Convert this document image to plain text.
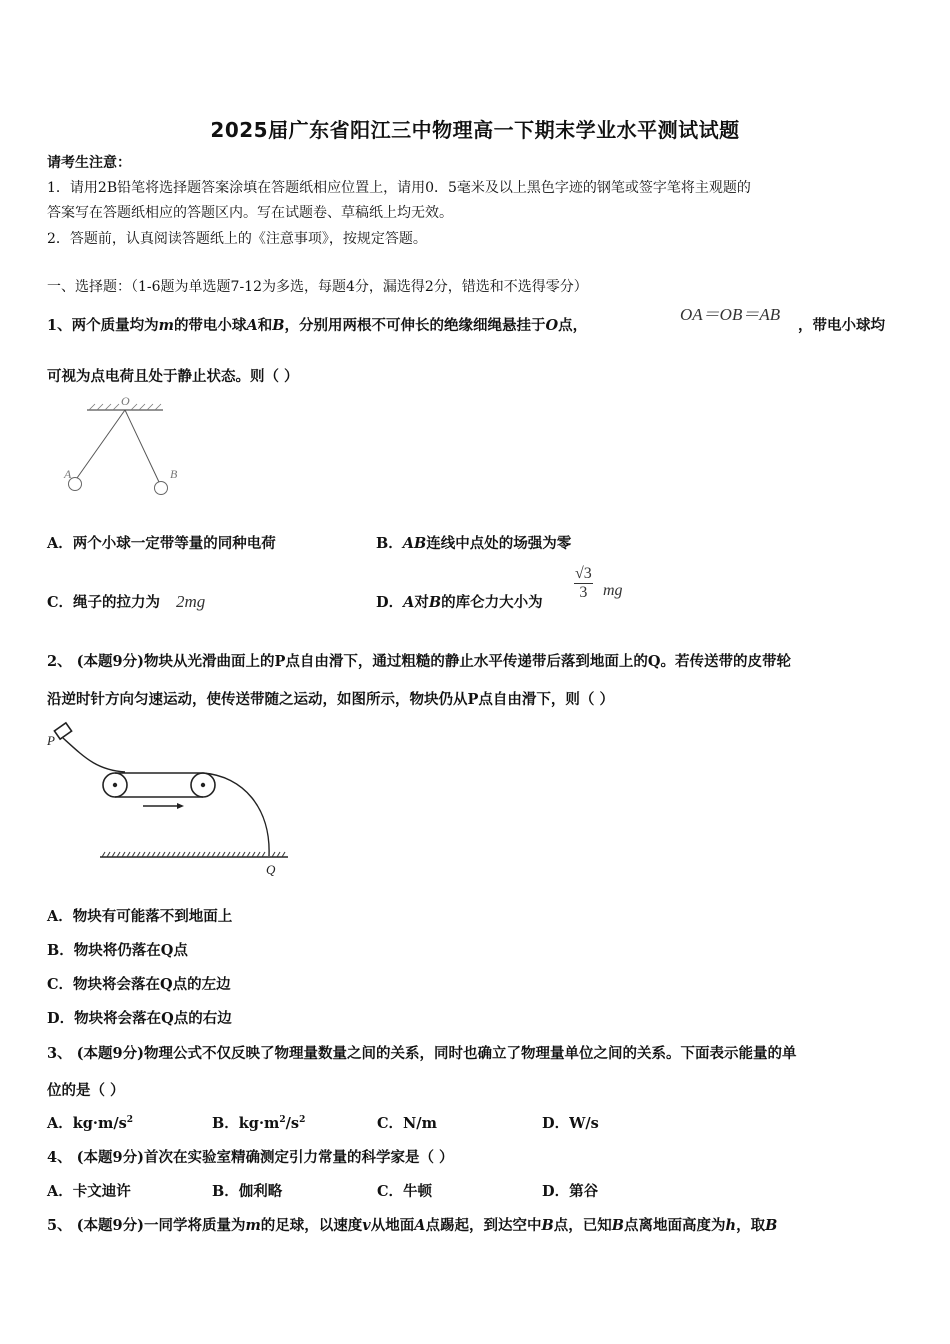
2025届广东省阳江三中物理高一下期末学业水平测试试题
请考生注意：
1．请用2B铅笔将选择题答案涂填在答题纸相应位置上，请用0．5毫米及以上黑色字迹的钢笔或签字笔将主观题的
答案写在答题纸相应的答题区内。写在试题卷、草稿纸上均无效。
2．答题前，认真阅读答题纸上的《注意事项》，按规定答题。
一、选择题：（1-6题为单选题7-12为多选，每题4分，漏选得2分，错选和不选得零分）
1、两个质量均为m的带电小球A和B，分别用两根不可伸长的绝缘细绳悬挂于O点，
OA＝OB＝AB
，带电小球均
可视为点电荷且处于静止状态。则（ ）
O
A	B
A．两个小球一定带等量的同种电荷	B．AB连线中点处的场强为零
C．绳子的拉力为 2mg	D．A对B的库仑力大小为
$\frac{√3}{3}$ mg
2、 (本题9分)物块从光滑曲面上的P点自由滑下，通过粗糙的静止水平传递带后落到地面上的Q。若传送带的皮带轮
沿逆时针方向匀速运动，使传送带随之运动，如图所示，物块仍从P点自由滑下，则（ ）
P
Q
A．物块有可能落不到地面上
B．物块将仍落在Q点
C．物块将会落在Q点的左边
D．物块将会落在Q点的右边
3、 (本题9分)物理公式不仅反映了物理量数量之间的关系，同时也确立了物理量单位之间的关系。下面表示能量的单
位的是（ ）
A．$kg\cdot m/s^2$	B．$kg\cdot m^2/s^2$	C．N/m	D．W/s
4、 (本题9分)首次在实验室精确测定引力常量的科学家是（ ）
A．卡文迪许	B．伽利略	C．牛顿	D．第谷
5、 (本题9分)一同学将质量为m的足球，以速度v从地面A点踢起，到达空中B点，已知B点离地面高度为h，取B
